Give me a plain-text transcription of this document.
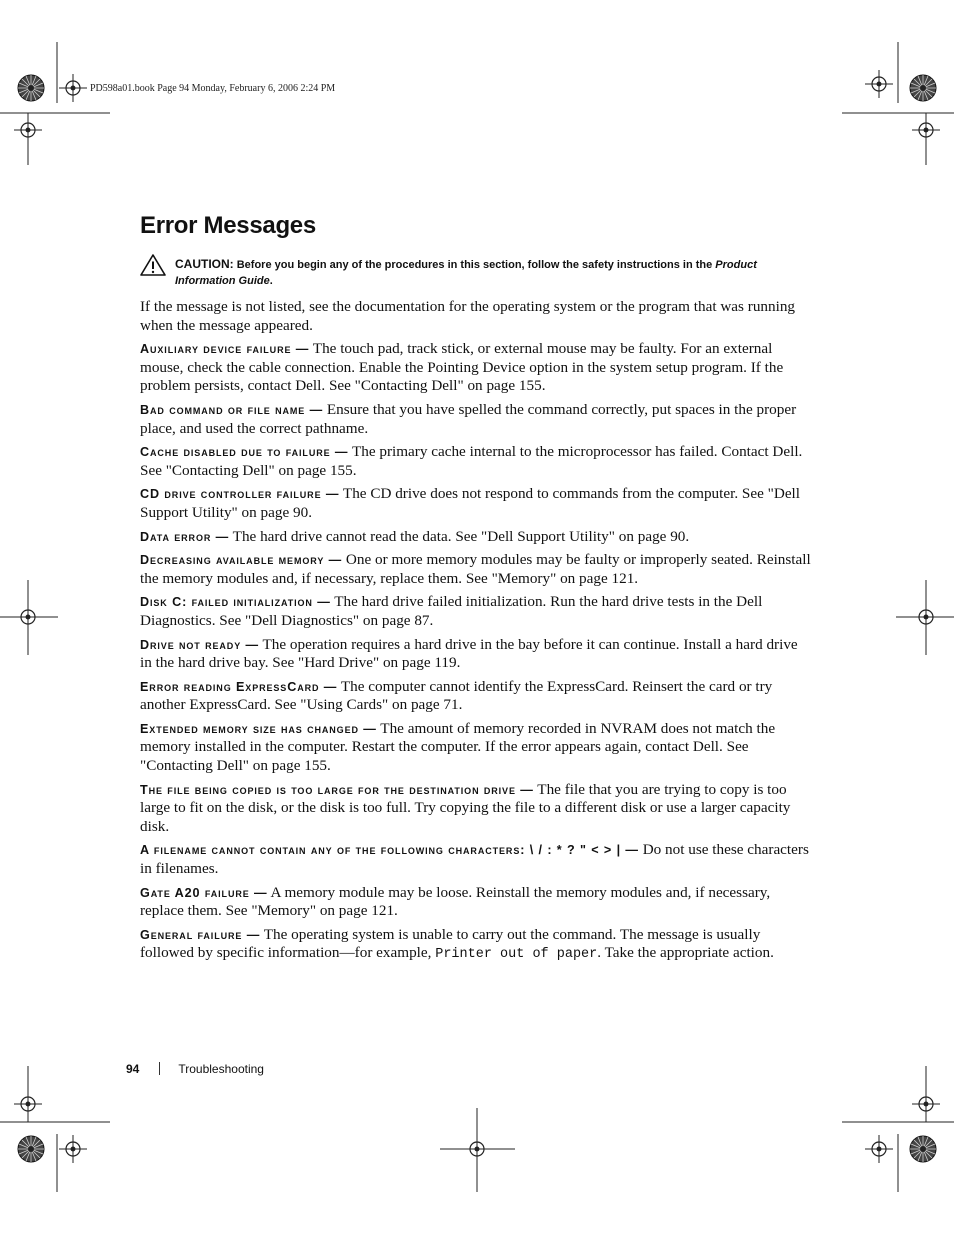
PD598a01.book Page 94 Monday, February 6, 2006 2:24 PM
Error Messages
CAUTION: Before you begin any of the procedures in this section, follow the safety instructions in the Product Information Guide.

If the message is not listed, see the documentation for the operating system or the program that was running when the message appeared.

Auxiliary device failure — The touch pad, track stick, or external mouse may be faulty. For an external mouse, check the cable connection. Enable the Pointing Device option in the system setup program. If the problem persists, contact Dell. See "Contacting Dell" on page 155.

Bad command or file name — Ensure that you have spelled the command correctly, put spaces in the proper place, and used the correct pathname.

Cache disabled due to failure — The primary cache internal to the microprocessor has failed. Contact Dell. See "Contacting Dell" on page 155.

CD drive controller failure — The CD drive does not respond to commands from the computer. See "Dell Support Utility" on page 90.

Data error — The hard drive cannot read the data. See "Dell Support Utility" on page 90.

Decreasing available memory — One or more memory modules may be faulty or improperly seated. Reinstall the memory modules and, if necessary, replace them. See "Memory" on page 121.

Disk C: failed initialization — The hard drive failed initialization. Run the hard drive tests in the Dell Diagnostics. See "Dell Diagnostics" on page 87.

Drive not ready — The operation requires a hard drive in the bay before it can continue. Install a hard drive in the hard drive bay. See "Hard Drive" on page 119.

Error reading ExpressCard — The computer cannot identify the ExpressCard. Reinsert the card or try another ExpressCard. See "Using Cards" on page 71.

Extended memory size has changed — The amount of memory recorded in NVRAM does not match the memory installed in the computer. Restart the computer. If the error appears again, contact Dell. See "Contacting Dell" on page 155.

The file being copied is too large for the destination drive — The file that you are trying to copy is too large to fit on the disk, or the disk is too full. Try copying the file to a different disk or use a larger capacity disk.

A filename cannot contain any of the following characters: \ / : * ? " < > | — Do not use these characters in filenames.

Gate A20 failure — A memory module may be loose. Reinstall the memory modules and, if necessary, replace them. See "Memory" on page 121.

General failure — The operating system is unable to carry out the command. The message is usually followed by specific information—for example, Printer out of paper. Take the appropriate action.

94	Troubleshooting
